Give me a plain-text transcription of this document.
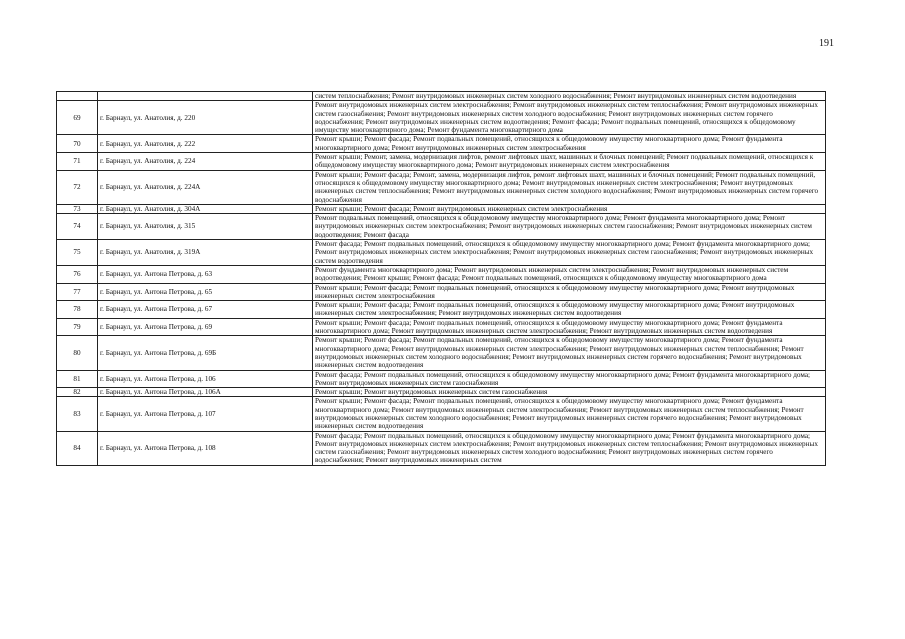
191
		систем теплоснабжения; Ремонт внутридомовых инженерных систем холодного водоснабжения; Ремонт внутридомовых инженерных систем водоотведения
69	г. Барнаул, ул. Анатолия, д. 220	Ремонт внутридомовых инженерных систем электроснабжения; Ремонт внутридомовых инженерных систем теплоснабжения; Ремонт внутридомовых инженерных систем газоснабжения; Ремонт внутридомовых инженерных систем холодного водоснабжения; Ремонт внутридомовых инженерных систем горячего водоснабжения; Ремонт внутридомовых инженерных систем водоотведения; Ремонт фасада; Ремонт подвальных помещений, относящихся к общедомовому имуществу многоквартирного дома; Ремонт фундамента многоквартирного дома
70	г. Барнаул, ул. Анатолия, д. 222	Ремонт крыши; Ремонт фасада; Ремонт подвальных помещений, относящихся к общедомовому имуществу многоквартирного дома; Ремонт фундамента многоквартирного дома; Ремонт внутридомовых инженерных систем электроснабжения
71	г. Барнаул, ул. Анатолия, д. 224	Ремонт крыши; Ремонт, замена, модернизация лифтов, ремонт лифтовых шахт, машинных и блочных помещений; Ремонт подвальных помещений, относящихся к общедомовому имуществу многоквартирного дома; Ремонт внутридомовых инженерных систем электроснабжения
72	г. Барнаул, ул. Анатолия, д. 224А	Ремонт крыши; Ремонт фасада; Ремонт, замена, модернизация лифтов, ремонт лифтовых шахт, машинных и блочных помещений; Ремонт подвальных помещений, относящихся к общедомовому имуществу многоквартирного дома; Ремонт внутридомовых инженерных систем электроснабжения; Ремонт внутридомовых инженерных систем теплоснабжения; Ремонт внутридомовых инженерных систем холодного водоснабжения; Ремонт внутридомовых инженерных систем горячего водоснабжения
73	г. Барнаул, ул. Анатолия, д. 304А	Ремонт крыши; Ремонт фасада; Ремонт внутридомовых инженерных систем электроснабжения
74	г. Барнаул, ул. Анатолия, д. 315	Ремонт подвальных помещений, относящихся к общедомовому имуществу многоквартирного дома; Ремонт фундамента многоквартирного дома; Ремонт внутридомовых инженерных систем электроснабжения; Ремонт внутридомовых инженерных систем газоснабжения; Ремонт внутридомовых инженерных систем водоотведения; Ремонт фасада
75	г. Барнаул, ул. Анатолия, д. 319А	Ремонт фасада; Ремонт подвальных помещений, относящихся к общедомовому имуществу многоквартирного дома; Ремонт фундамента многоквартирного дома; Ремонт внутридомовых инженерных систем электроснабжения; Ремонт внутридомовых инженерных систем газоснабжения; Ремонт внутридомовых инженерных систем водоотведения
76	г. Барнаул, ул. Антона Петрова, д. 63	Ремонт фундамента многоквартирного дома; Ремонт внутридомовых инженерных систем электроснабжения; Ремонт внутридомовых инженерных систем водоотведения; Ремонт крыши; Ремонт фасада; Ремонт подвальных помещений, относящихся к общедомовому имуществу многоквартирного дома
77	г. Барнаул, ул. Антона Петрова, д. 65	Ремонт крыши; Ремонт фасада; Ремонт подвальных помещений, относящихся к общедомовому имуществу многоквартирного дома; Ремонт внутридомовых инженерных систем электроснабжения
78	г. Барнаул, ул. Антона Петрова, д. 67	Ремонт крыши; Ремонт фасада; Ремонт подвальных помещений, относящихся к общедомовому имуществу многоквартирного дома; Ремонт внутридомовых инженерных систем электроснабжения; Ремонт внутридомовых инженерных систем водоотведения
79	г. Барнаул, ул. Антона Петрова, д. 69	Ремонт крыши; Ремонт фасада; Ремонт подвальных помещений, относящихся к общедомовому имуществу многоквартирного дома; Ремонт фундамента многоквартирного дома; Ремонт внутридомовых инженерных систем электроснабжения; Ремонт внутридомовых инженерных систем водоотведения
80	г. Барнаул, ул. Антона Петрова, д. 69Б	Ремонт крыши; Ремонт фасада; Ремонт подвальных помещений, относящихся к общедомовому имуществу многоквартирного дома; Ремонт фундамента многоквартирного дома; Ремонт внутридомовых инженерных систем электроснабжения; Ремонт внутридомовых инженерных систем теплоснабжения; Ремонт внутридомовых инженерных систем холодного водоснабжения; Ремонт внутридомовых инженерных систем горячего водоснабжения; Ремонт внутридомовых инженерных систем водоотведения
81	г. Барнаул, ул. Антона Петрова, д. 106	Ремонт фасада; Ремонт подвальных помещений, относящихся к общедомовому имуществу многоквартирного дома; Ремонт фундамента многоквартирного дома; Ремонт внутридомовых инженерных систем газоснабжения
82	г. Барнаул, ул. Антона Петрова, д. 106А	Ремонт крыши; Ремонт внутридомовых инженерных систем газоснабжения
83	г. Барнаул, ул. Антона Петрова, д. 107	Ремонт крыши; Ремонт фасада; Ремонт подвальных помещений, относящихся к общедомовому имуществу многоквартирного дома; Ремонт фундамента многоквартирного дома; Ремонт внутридомовых инженерных систем электроснабжения; Ремонт внутридомовых инженерных систем теплоснабжения; Ремонт внутридомовых инженерных систем холодного водоснабжения; Ремонт внутридомовых инженерных систем горячего водоснабжения; Ремонт внутридомовых инженерных систем водоотведения
84	г. Барнаул, ул. Антона Петрова, д. 108	Ремонт фасада; Ремонт подвальных помещений, относящихся к общедомовому имуществу многоквартирного дома; Ремонт фундамента многоквартирного дома; Ремонт внутридомовых инженерных систем электроснабжения; Ремонт внутридомовых инженерных систем теплоснабжения; Ремонт внутридомовых инженерных систем газоснабжения; Ремонт внутридомовых инженерных систем холодного водоснабжения; Ремонт внутридомовых инженерных систем горячего водоснабжения; Ремонт внутридомовых инженерных систем
